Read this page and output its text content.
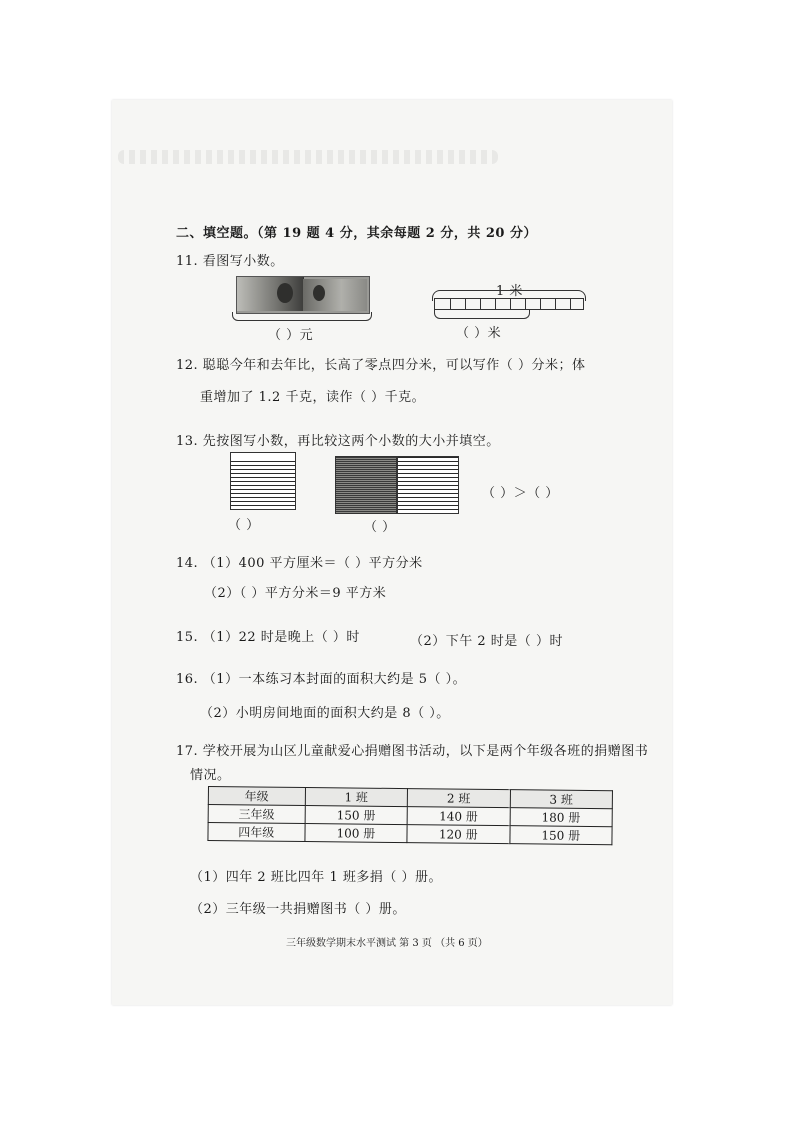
二、填空题。（第 19 题 4 分，其余每题 2 分，共 20 分）
11. 看图写小数。
（ ）元
1 米
（ ）米
12. 聪聪今年和去年比，长高了零点四分米，可以写作（ ）分米；体
重增加了 1.2 千克，读作（ ）千克。
13. 先按图写小数，再比较这两个小数的大小并填空。
（ ）	（ ）
（ ）＞（ ）
14. （1）400 平方厘米＝（ ）平方分米
（2）（ ）平方分米＝9 平方米
15. （1）22 时是晚上（ ）时	（2）下午 2 时是（ ）时
16. （1）一本练习本封面的面积大约是 5（ ）。
（2）小明房间地面的面积大约是 8（ ）。
17. 学校开展为山区儿童献爱心捐赠图书活动，以下是两个年级各班的捐赠图书
情况。
年级	1 班	2 班	3 班
三年级	150 册	140 册	180 册
四年级	100 册	120 册	150 册
（1）四年 2 班比四年 1 班多捐（ ）册。
（2）三年级一共捐赠图书（ ）册。
三年级数学期末水平测试 第 3 页 （共 6 页）
